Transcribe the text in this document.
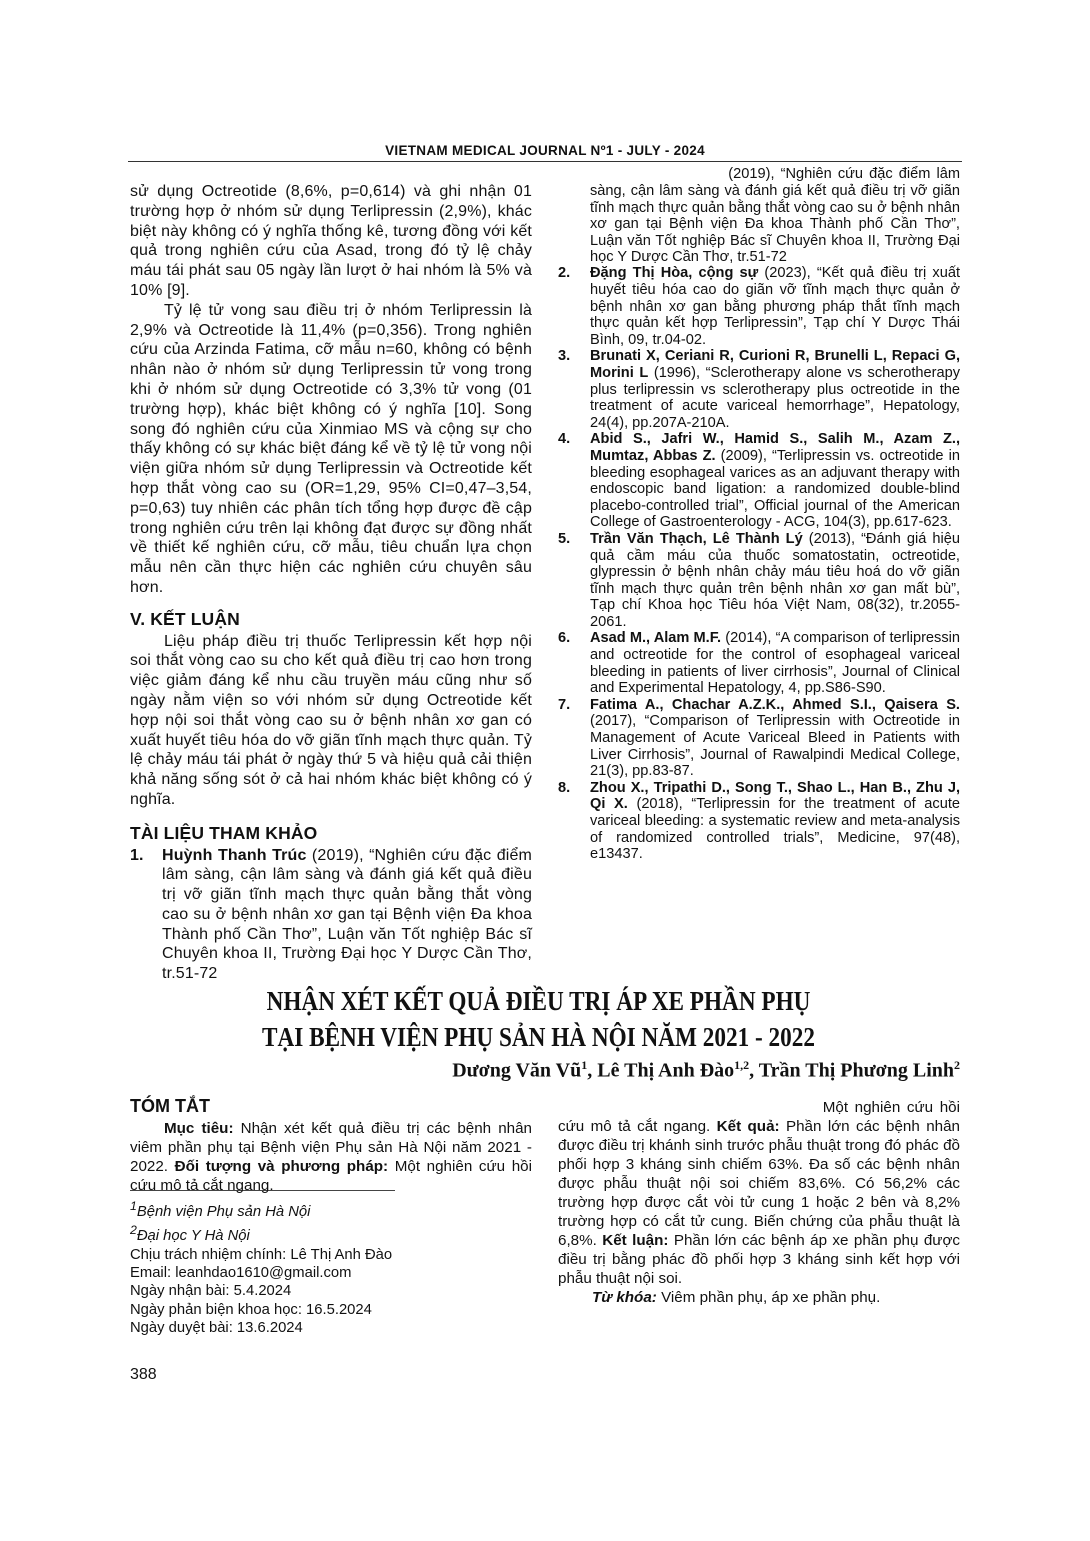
VIETNAM MEDICAL JOURNAL Nº1 - JULY - 2024

sử dụng Octreotide (8,6%, p=0,614) và ghi nhận 01 trường hợp ở nhóm sử dụng Terlipressin (2,9%), khác biệt này không có ý nghĩa thống kê, tương đồng với kết quả trong nghiên cứu của Asad, trong đó tỷ lệ chảy máu tái phát sau 05 ngày lần lượt ở hai nhóm là 5% và 10% [9].

Tỷ lệ tử vong sau điều trị ở nhóm Terlipressin là 2,9% và Octreotide là 11,4% (p=0,356). Trong nghiên cứu của Arzinda Fatima, cỡ mẫu n=60, không có bệnh nhân nào ở nhóm sử dụng Terlipressin tử vong trong khi ở nhóm sử dụng Octreotide có 3,3% tử vong (01 trường hợp), khác biệt không có ý nghĩa [10]. Song song đó nghiên cứu của Xinmiao MS và cộng sự cho thấy không có sự khác biệt đáng kể về tỷ lệ tử vong nội viện giữa nhóm sử dụng Terlipressin và Octreotide kết hợp thắt vòng cao su (OR=1,29, 95% CI=0,47–3,54, p=0,63) tuy nhiên các phân tích tổng hợp được đề cập trong nghiên cứu trên lại không đạt được sự đồng nhất về thiết kế nghiên cứu, cỡ mẫu, tiêu chuẩn lựa chọn mẫu nên cần thực hiện các nghiên cứu chuyên sâu hơn.

V. KẾT LUẬN

Liệu pháp điều trị thuốc Terlipressin kết hợp nội soi thắt vòng cao su cho kết quả điều trị cao hơn trong việc giảm đáng kể nhu cầu truyền máu cũng như số ngày nằm viện so với nhóm sử dụng Octreotide kết hợp nội soi thắt vòng cao su ở bệnh nhân xơ gan có xuất huyết tiêu hóa do vỡ giãn tĩnh mạch thực quản. Tỷ lệ chảy máu tái phát ở ngày thứ 5 và hiệu quả cải thiện khả năng sống sót ở cả hai nhóm khác biệt không có ý nghĩa.

TÀI LIỆU THAM KHẢO

1. Huỳnh Thanh Trúc (2019), “Nghiên cứu đặc điểm lâm sàng, cận lâm sàng và đánh giá kết quả điều trị vỡ giãn tĩnh mạch thực quản bằng thắt vòng cao su ở bệnh nhân xơ gan tại Bệnh viện Đa khoa Thành phố Cần Thơ”, Luận văn Tốt nghiệp Bác sĩ Chuyên khoa II, Trường Đại học Y Dược Cần Thơ, tr.51-72

(2019), “Nghiên cứu đặc điểm lâm sàng, cận lâm sàng và đánh giá kết quả điều trị vỡ giãn tĩnh mạch thực quản bằng thắt vòng cao su ở bệnh nhân xơ gan tại Bệnh viện Đa khoa Thành phố Cần Thơ”, Luận văn Tốt nghiệp Bác sĩ Chuyên khoa II, Trường Đại học Y Dược Cần Thơ, tr.51-72

2. Đặng Thị Hòa, cộng sự (2023), “Kết quả điều trị xuất huyết tiêu hóa cao do giãn vỡ tĩnh mạch thực quản ở bệnh nhân xơ gan bằng phương pháp thắt tĩnh mạch thực quản kết hợp Terlipressin”, Tạp chí Y Dược Thái Bình, 09, tr.04-02.

3. Brunati X, Ceriani R, Curioni R, Brunelli L, Repaci G, Morini L (1996), “Sclerotherapy alone vs scherotherapy plus terlipressin vs sclerotherapy plus octreotide in the treatment of acute variceal hemorrhage”, Hepatology, 24(4), pp.207A-210A.

4. Abid S., Jafri W., Hamid S., Salih M., Azam Z., Mumtaz, Abbas Z. (2009), “Terlipressin vs. octreotide in bleeding esophageal varices as an adjuvant therapy with endoscopic band ligation: a randomized double-blind placebo-controlled trial”, Official journal of the American College of Gastroenterology - ACG, 104(3), pp.617-623.

5. Trần Văn Thạch, Lê Thành Lý (2013), “Đánh giá hiệu quả cầm máu của thuốc somatostatin, octreotide, glypressin ở bệnh nhân chảy máu tiêu hoá do vỡ giãn tĩnh mạch thực quản trên bệnh nhân xơ gan mất bù”, Tạp chí Khoa học Tiêu hóa Việt Nam, 08(32), tr.2055-2061.

6. Asad M., Alam M.F. (2014), “A comparison of terlipressin and octreotide for the control of esophageal variceal bleeding in patients of liver cirrhosis”, Journal of Clinical and Experimental Hepatology, 4, pp.S86-S90.

7. Fatima A., Chachar A.Z.K., Ahmed S.I., Qaisera S. (2017), “Comparison of Terlipressin with Octreotide in Management of Acute Variceal Bleed in Patients with Liver Cirrhosis”, Journal of Rawalpindi Medical College, 21(3), pp.83-87.

8. Zhou X., Tripathi D., Song T., Shao L., Han B., Zhu J, Qi X. (2018), “Terlipressin for the treatment of acute variceal bleeding: a systematic review and meta-analysis of randomized controlled trials”, Medicine, 97(48), e13437.

NHẬN XÉT KẾT QUẢ ĐIỀU TRỊ ÁP XE PHẦN PHỤ
TẠI BỆNH VIỆN PHỤ SẢN HÀ NỘI NĂM 2021 - 2022
Dương Văn $Vũ^1$, Lê Thị Anh Đào$^{1,2}$, Trần Thị Phương Linh$^2$
TÓM TẮT

Mục tiêu: Nhận xét kết quả điều trị các bệnh nhân viêm phần phụ tại Bệnh viện Phụ sản Hà Nội năm 2021 - 2022. Đối tượng và phương pháp: Một nghiên cứu hồi cứu mô tả cắt ngang.

$^1$Bệnh viện Phụ sản Hà Nội
$^2$Đại học Y Hà Nội
Chịu trách nhiệm chính: Lê Thị Anh Đào
Email: leanhdao1610@gmail.com
Ngày nhận bài: 5.4.2024
Ngày phản biện khoa học: 16.5.2024
Ngày duyệt bài: 13.6.2024

Một nghiên cứu hồi cứu mô tả cắt ngang. Kết quả: Phần lớn các bệnh nhân được điều trị khánh sinh trước phẫu thuật trong đó phác đồ phối hợp 3 kháng sinh chiếm 63%. Đa số các bệnh nhân được phẫu thuật nội soi chiếm 83,6%. Có 56,2% các trường hợp được cắt vòi tử cung 1 hoặc 2 bên và 8,2% trường hợp có cắt tử cung. Biến chứng của phẫu thuật là 6,8%. Kết luận: Phần lớn các bệnh áp xe phần phụ được điều trị bằng phác đồ phối hợp 3 kháng sinh kết hợp với phẫu thuật nội soi.

Từ khóa: Viêm phần phụ, áp xe phần phụ.

388
